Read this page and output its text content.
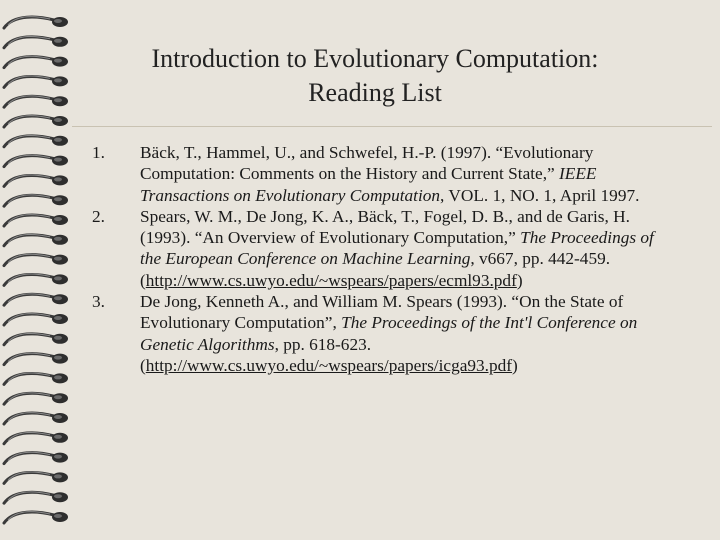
Introduction to Evolutionary Computation:
Reading List
1. Bäck, T., Hammel, U., and Schwefel, H.-P. (1997). “Evolutionary Computation: Comments on the History and Current State,” IEEE Transactions on Evolutionary Computation, VOL. 1, NO. 1, April 1997.
2. Spears, W. M., De Jong, K. A., Bäck, T., Fogel, D. B., and de Garis, H. (1993). “An Overview of Evolutionary Computation,” The Proceedings of the European Conference on Machine Learning, v667, pp. 442-459. (http://www.cs.uwyo.edu/~wspears/papers/ecml93.pdf)
3. De Jong, Kenneth A., and William M. Spears (1993). “On the State of Evolutionary Computation”, The Proceedings of the Int'l Conference on Genetic Algorithms, pp. 618-623. (http://www.cs.uwyo.edu/~wspears/papers/icga93.pdf)
